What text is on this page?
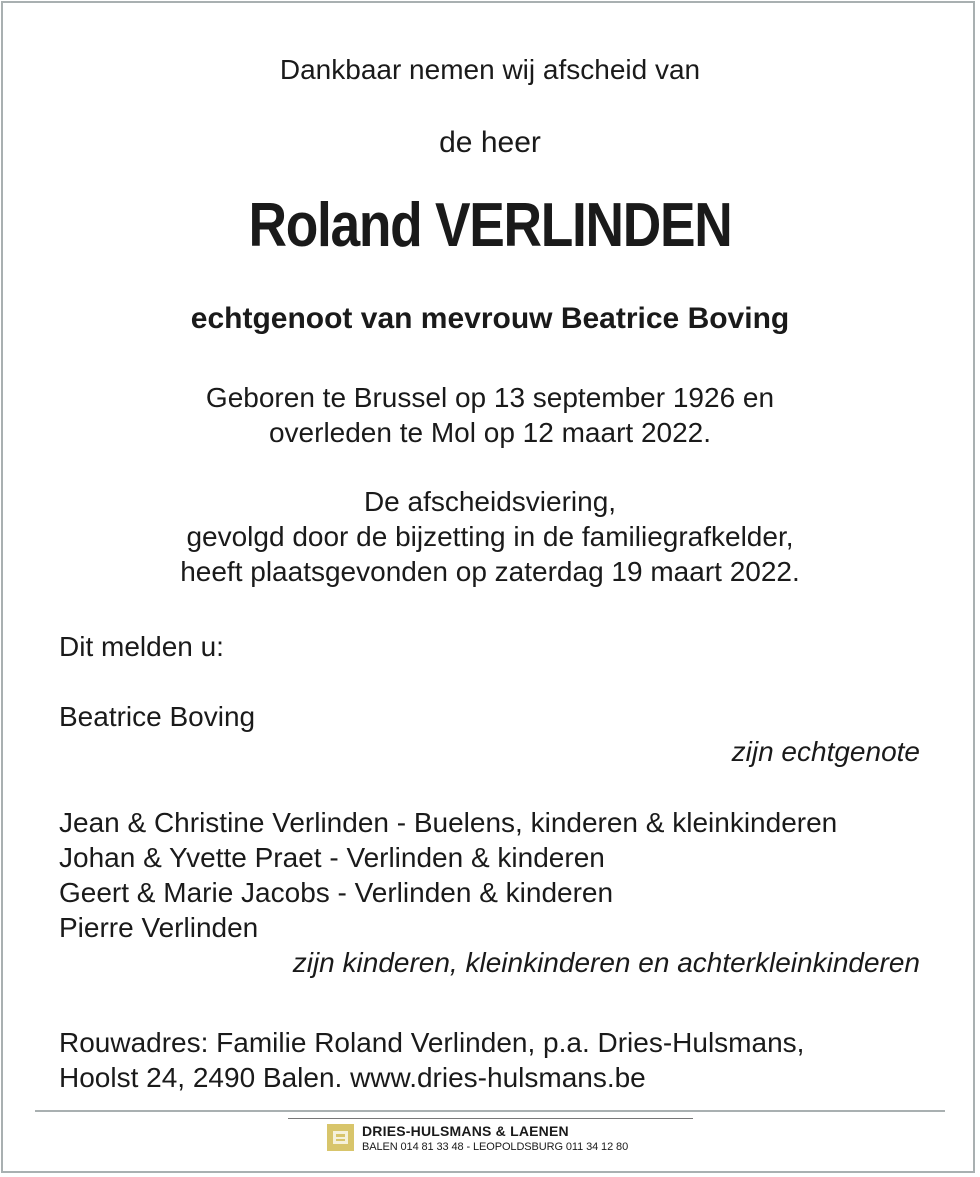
Dankbaar nemen wij afscheid van
de heer
Roland VERLINDEN
echtgenoot van mevrouw Beatrice Boving
Geboren te Brussel op 13 september 1926 en
overleden te Mol op 12 maart 2022.
De afscheidsviering,
gevolgd door de bijzetting in de familiegrafkelder,
heeft plaatsgevonden op zaterdag 19 maart 2022.
Dit melden u:
Beatrice Boving
zijn echtgenote
Jean & Christine Verlinden - Buelens, kinderen & kleinkinderen
Johan & Yvette Praet - Verlinden & kinderen
Geert & Marie Jacobs - Verlinden & kinderen
Pierre Verlinden
zijn kinderen, kleinkinderen en achterkleinkinderen
Rouwadres: Familie Roland Verlinden, p.a. Dries-Hulsmans,
Hoolst 24, 2490 Balen. www.dries-hulsmans.be
DRIES-HULSMANS & LAENEN
BALEN 014 81 33 48 - LEOPOLDSBURG 011 34 12 80
